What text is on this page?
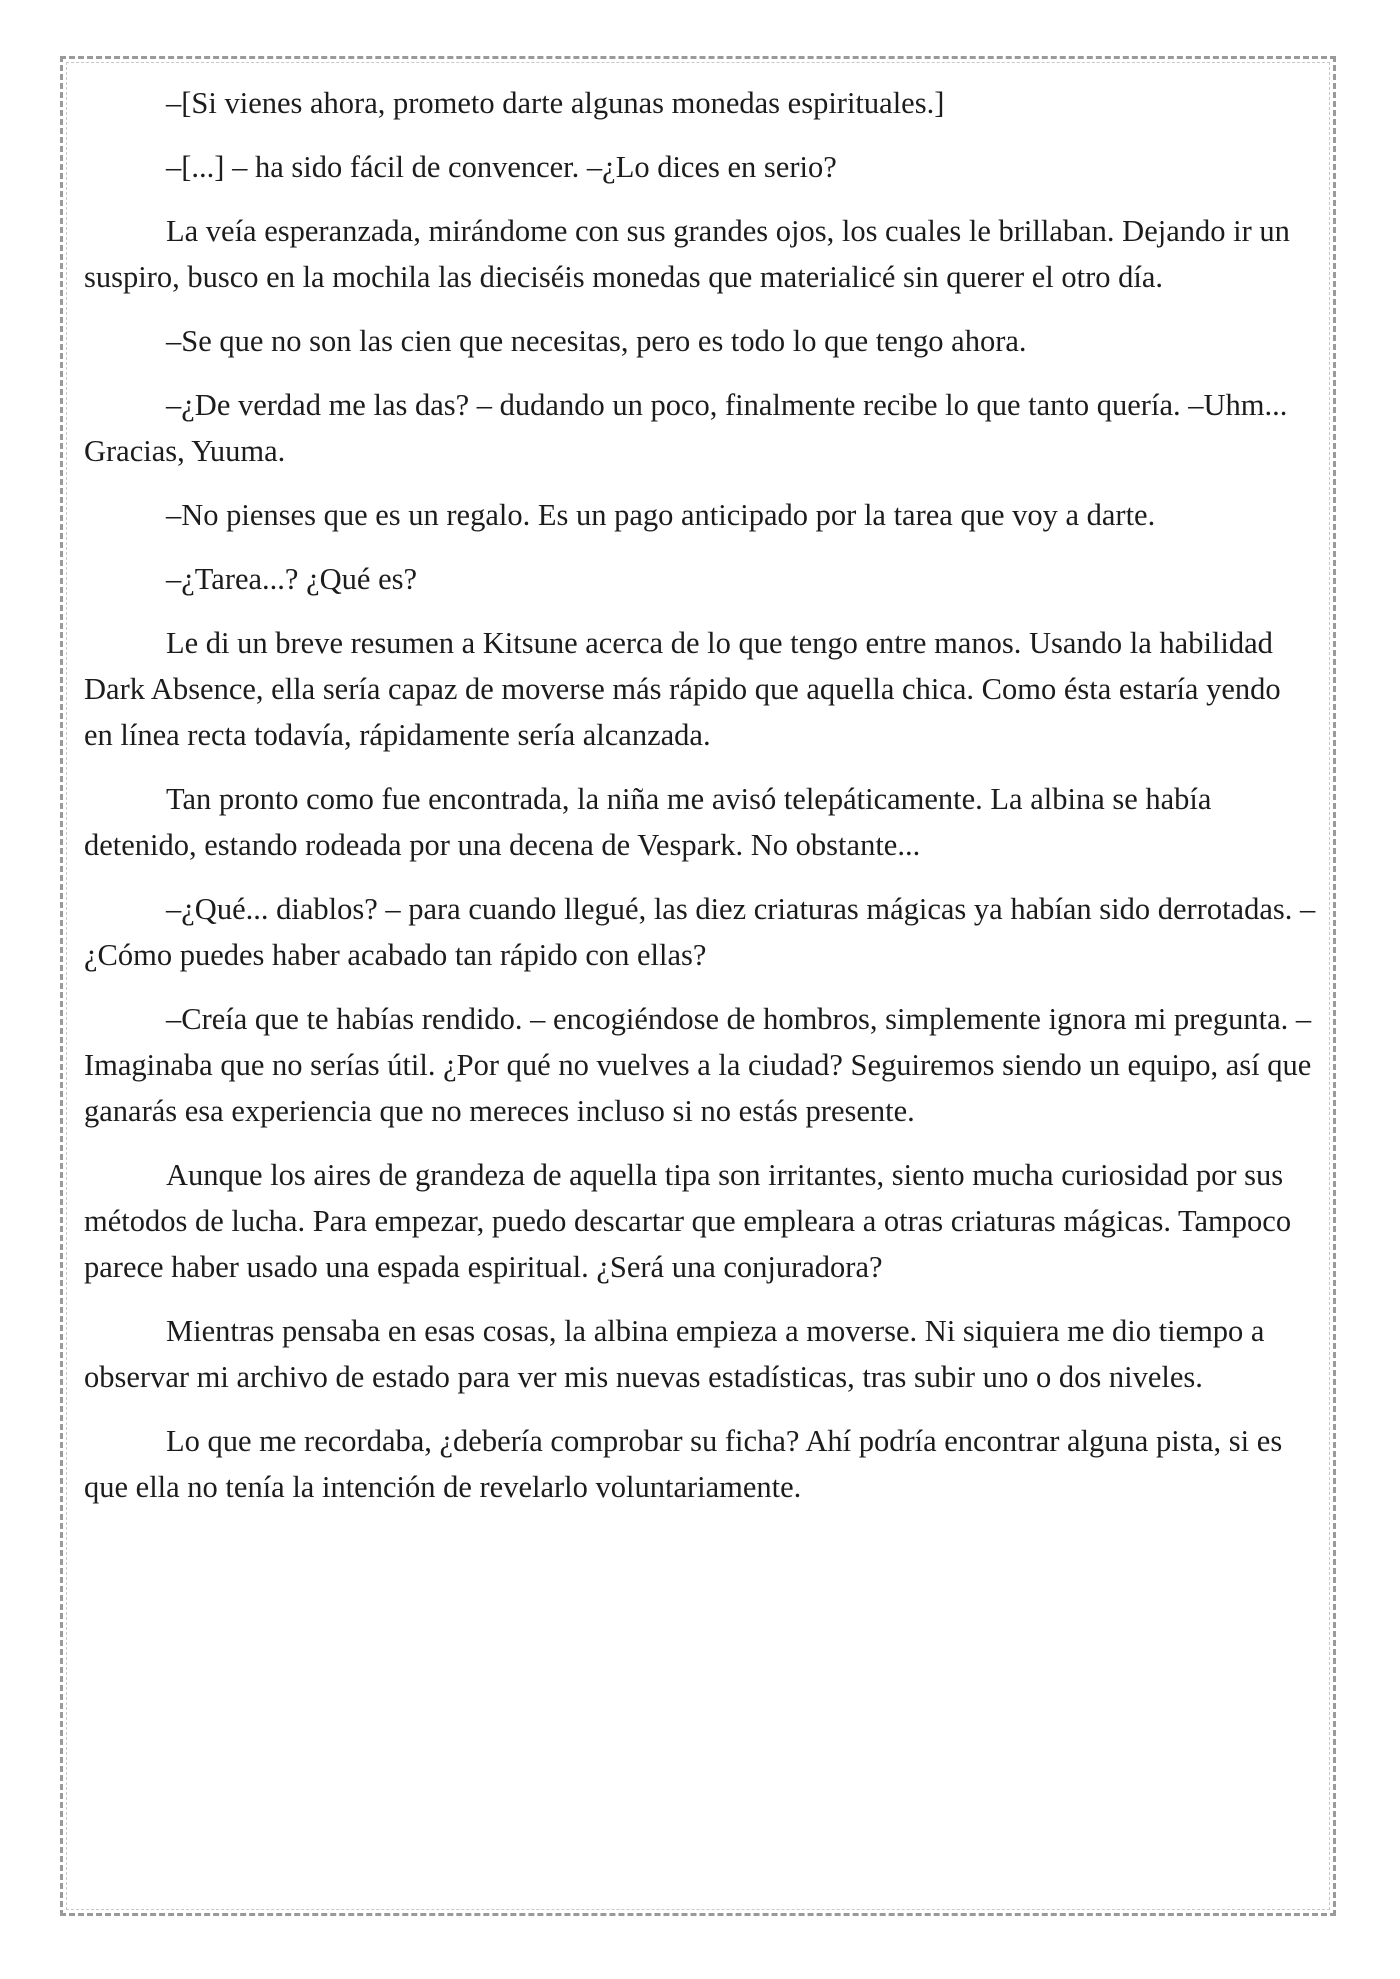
–[Si vienes ahora, prometo darte algunas monedas espirituales.]

–[...] – ha sido fácil de convencer. –¿Lo dices en serio?

La veía esperanzada, mirándome con sus grandes ojos, los cuales le brillaban. Dejando ir un suspiro, busco en la mochila las dieciséis monedas que materialicé sin querer el otro día.

–Se que no son las cien que necesitas, pero es todo lo que tengo ahora.

–¿De verdad me las das? – dudando un poco, finalmente recibe lo que tanto quería. –Uhm... Gracias, Yuuma.

–No pienses que es un regalo. Es un pago anticipado por la tarea que voy a darte.

–¿Tarea...? ¿Qué es?

Le di un breve resumen a Kitsune acerca de lo que tengo entre manos. Usando la habilidad Dark Absence, ella sería capaz de moverse más rápido que aquella chica. Como ésta estaría yendo en línea recta todavía, rápidamente sería alcanzada.

Tan pronto como fue encontrada, la niña me avisó telepáticamente. La albina se había detenido, estando rodeada por una decena de Vespark. No obstante...

–¿Qué... diablos? – para cuando llegué, las diez criaturas mágicas ya habían sido derrotadas. –¿Cómo puedes haber acabado tan rápido con ellas?

–Creía que te habías rendido. – encogiéndose de hombros, simplemente ignora mi pregunta. –Imaginaba que no serías útil. ¿Por qué no vuelves a la ciudad? Seguiremos siendo un equipo, así que ganarás esa experiencia que no mereces incluso si no estás presente.

Aunque los aires de grandeza de aquella tipa son irritantes, siento mucha curiosidad por sus métodos de lucha. Para empezar, puedo descartar que empleara a otras criaturas mágicas. Tampoco parece haber usado una espada espiritual. ¿Será una conjuradora?

Mientras pensaba en esas cosas, la albina empieza a moverse. Ni siquiera me dio tiempo a observar mi archivo de estado para ver mis nuevas estadísticas, tras subir uno o dos niveles.

Lo que me recordaba, ¿debería comprobar su ficha? Ahí podría encontrar alguna pista, si es que ella no tenía la intención de revelarlo voluntariamente.
